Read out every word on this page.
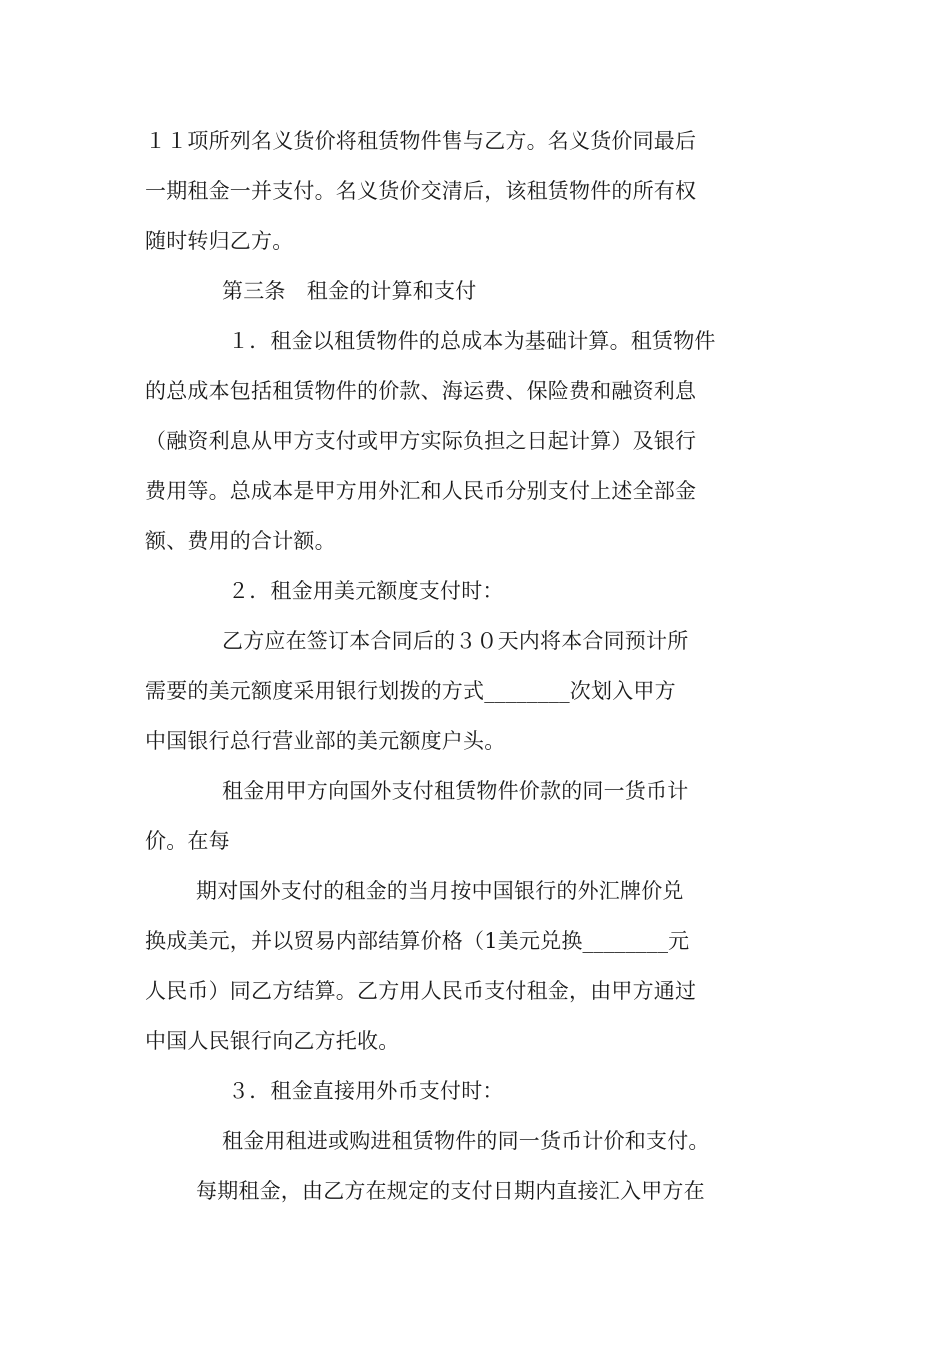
１１项所列名义货价将租赁物件售与乙方。名义货价同最后
一期租金一并支付。名义货价交清后，该租赁物件的所有权
随时转归乙方。
第三条　租金的计算和支付
１．租金以租赁物件的总成本为基础计算。租赁物件
的总成本包括租赁物件的价款、海运费、保险费和融资利息
（融资利息从甲方支付或甲方实际负担之日起计算）及银行
费用等。总成本是甲方用外汇和人民币分别支付上述全部金
额、费用的合计额。
２．租金用美元额度支付时：
乙方应在签订本合同后的３０天内将本合同预计所
需要的美元额度采用银行划拨的方式________次划入甲方
中国银行总行营业部的美元额度户头。
租金用甲方向国外支付租赁物件价款的同一货币计
价。在每
期对国外支付的租金的当月按中国银行的外汇牌价兑
换成美元，并以贸易内部结算价格（1美元兑换________元
人民币）同乙方结算。乙方用人民币支付租金，由甲方通过
中国人民银行向乙方托收。
３．租金直接用外币支付时：
租金用租进或购进租赁物件的同一货币计价和支付。
每期租金，由乙方在规定的支付日期内直接汇入甲方在
